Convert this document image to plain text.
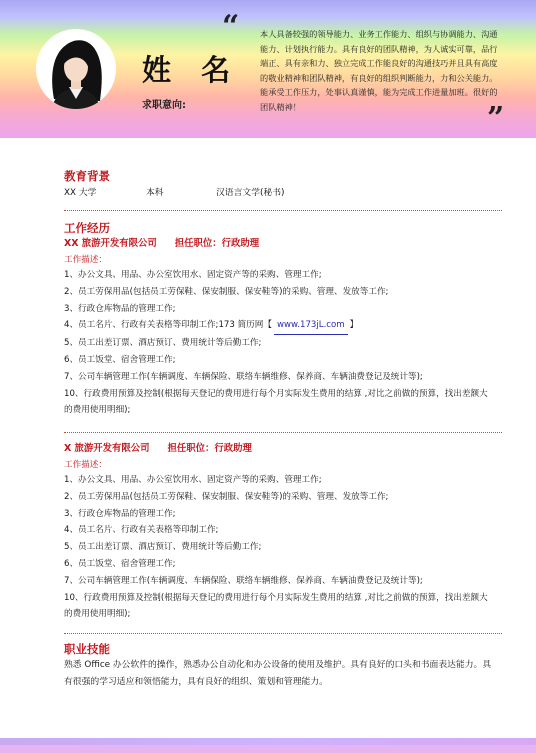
姓 名
求职意向:
“	本人具备较强的领导能力、业务工作能力、组织与协调能力、沟通能力、计划执行能力。具有良好的团队精神，为人诚实可靠，品行端正、具有亲和力、独立完成工作能良好的沟通技巧并且具有高度的敬业精神和团队精神，有良好的组织判断能力，力和公关能力。能承受工作压力，处事认真谨慎，能为完成工作进量加班。很好的团队精神！	”
教育背景
XX 大学	本科	汉语言文学(秘书)
工作经历
XX 旅游开发有限公司 担任职位：行政助理
工作描述：
1、办公文具、用品、办公室饮用水、固定资产等的采购、管理工作;
2、员工劳保用品(包括员工劳保鞋、保安制服、保安鞋等)的采购、管理、发放等工作;
3、行政仓库物品的管理工作;
4、员工名片、行政有关表格等印制工作;173 简历网【 www.173jL.com 】
5、员工出差订票、酒店预订、费用统计等后勤工作;
6、员工饭堂、宿舍管理工作;
7、公司车辆管理工作(车辆调度、车辆保险、联络车辆维修、保养商、车辆油费登记及统计等);
10、行政费用预算及控制(根据每天登记的费用进行每个月实际发生费用的结算 ,对比之前做的预算，找出差额大的费用使用明细);
X 旅游开发有限公司 担任职位：行政助理
工作描述：
1、办公文具、用品、办公室饮用水、固定资产等的采购、管理工作;
2、员工劳保用品(包括员工劳保鞋、保安制服、保安鞋等)的采购、管理、发放等工作;
3、行政仓库物品的管理工作;
4、员工名片、行政有关表格等印制工作;
5、员工出差订票、酒店预订、费用统计等后勤工作;
6、员工饭堂、宿舍管理工作;
7、公司车辆管理工作(车辆调度、车辆保险、联络车辆维修、保养商、车辆油费登记及统计等);
10、行政费用预算及控制(根据每天登记的费用进行每个月实际发生费用的结算 ,对比之前做的预算，找出差额大的费用使用明细);
职业技能
熟悉 Office 办公软件的操作，熟悉办公自动化和办公设备的使用及维护。具有良好的口头和书面表达能力。具有很强的学习适应和领悟能力，具有良好的组织、策划和管理能力。
